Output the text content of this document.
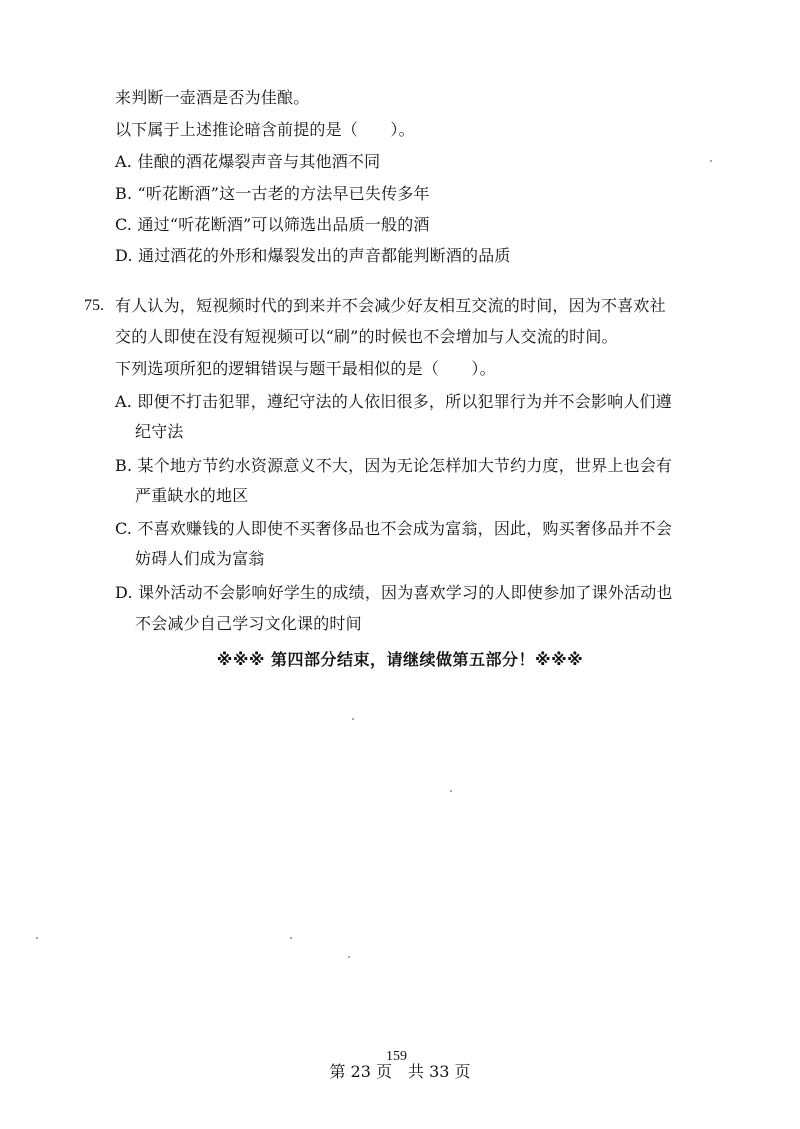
来判断一壶酒是否为佳酿。
以下属于上述推论暗含前提的是（　　）。
A. 佳酿的酒花爆裂声音与其他酒不同
B. “听花断酒”这一古老的方法早已失传多年
C. 通过“听花断酒”可以筛选出品质一般的酒
D. 通过酒花的外形和爆裂发出的声音都能判断酒的品质
75. 有人认为，短视频时代的到来并不会减少好友相互交流的时间，因为不喜欢社
交的人即使在没有短视频可以“刷”的时候也不会增加与人交流的时间。
下列选项所犯的逻辑错误与题干最相似的是（　　）。
A. 即便不打击犯罪，遵纪守法的人依旧很多，所以犯罪行为并不会影响人们遵
纪守法
B. 某个地方节约水资源意义不大，因为无论怎样加大节约力度，世界上也会有
严重缺水的地区
C. 不喜欢赚钱的人即使不买奢侈品也不会成为富翁，因此，购买奢侈品并不会
妨碍人们成为富翁
D. 课外活动不会影响好学生的成绩，因为喜欢学习的人即使参加了课外活动也
不会减少自己学习文化课的时间
※※※ 第四部分结束，请继续做第五部分！※※※
第 23 页　共 33 页
159
